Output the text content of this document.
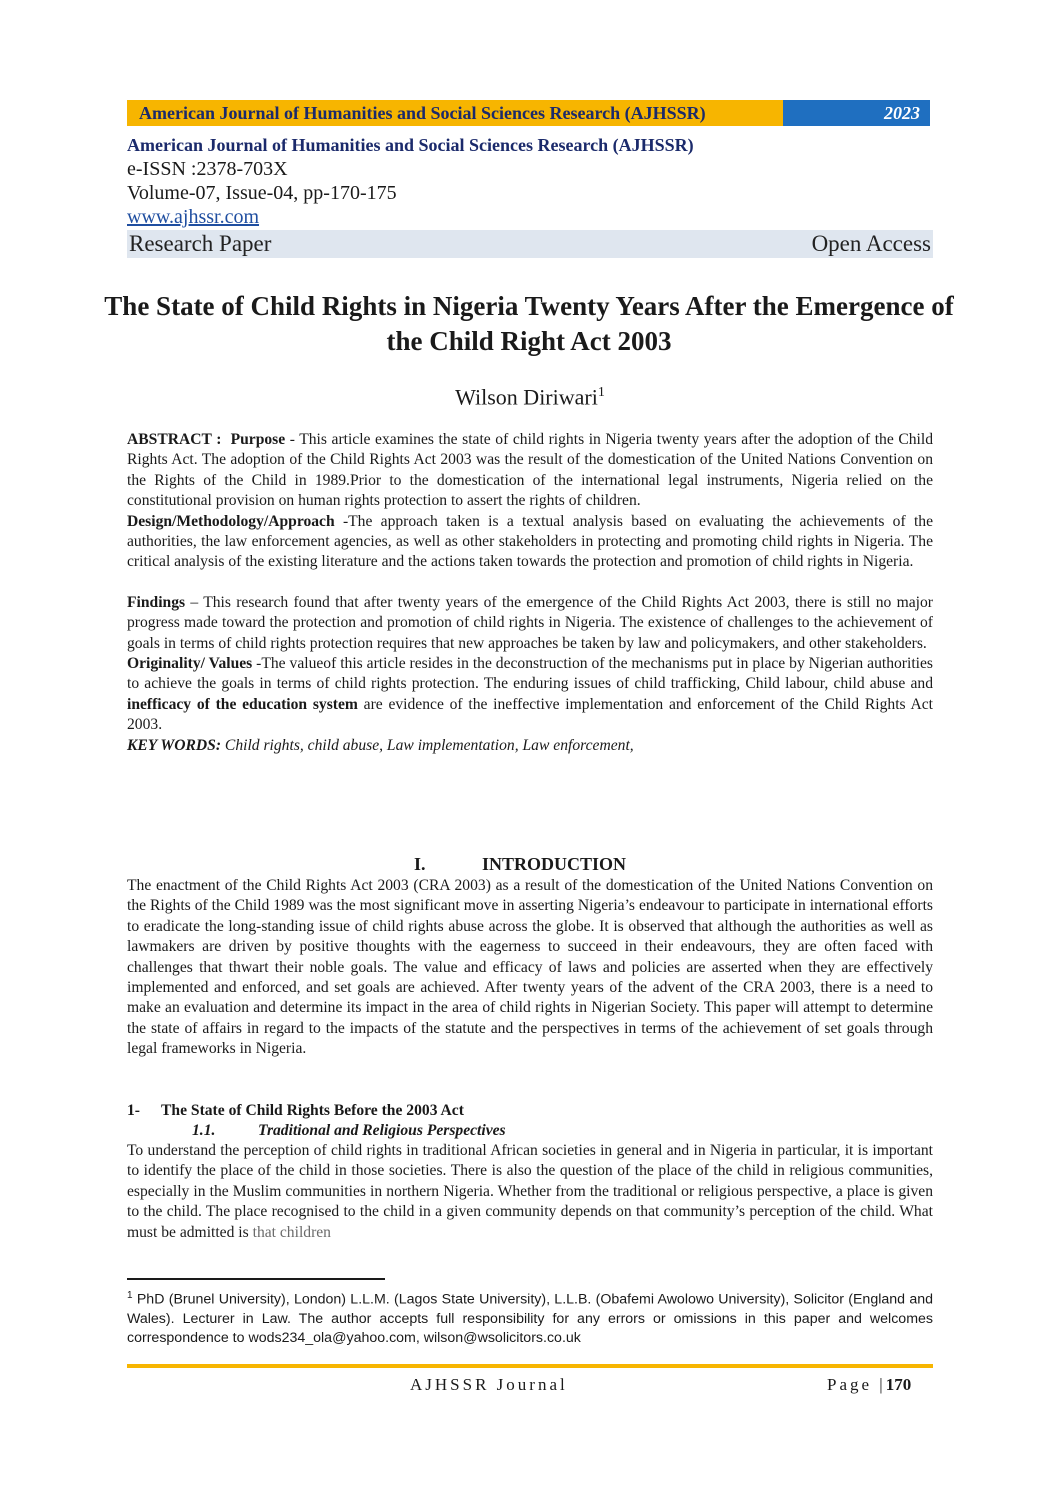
American Journal of Humanities and Social Sciences Research (AJHSSR)	2023
American Journal of Humanities and Social Sciences Research (AJHSSR)
e-ISSN :2378-703X
Volume-07, Issue-04, pp-170-175
www.ajhssr.com
Research Paper	Open Access
The State of Child Rights in Nigeria Twenty Years After the Emergence of the Child Right Act 2003
Wilson Diriwari$^1$

ABSTRACT : Purpose - This article examines the state of child rights in Nigeria twenty years after the adoption of the Child Rights Act. The adoption of the Child Rights Act 2003 was the result of the domestication of the United Nations Convention on the Rights of the Child in 1989.Prior to the domestication of the international legal instruments, Nigeria relied on the constitutional provision on human rights protection to assert the rights of children.

Design/Methodology/Approach -The approach taken is a textual analysis based on evaluating the achievements of the authorities, the law enforcement agencies, as well as other stakeholders in protecting and promoting child rights in Nigeria. The critical analysis of the existing literature and the actions taken towards the protection and promotion of child rights in Nigeria.

Findings – This research found that after twenty years of the emergence of the Child Rights Act 2003, there is still no major progress made toward the protection and promotion of child rights in Nigeria. The existence of challenges to the achievement of goals in terms of child rights protection requires that new approaches be taken by law and policymakers, and other stakeholders.

Originality/ Values -The valueof this article resides in the deconstruction of the mechanisms put in place by Nigerian authorities to achieve the goals in terms of child rights protection. The enduring issues of child trafficking, Child labour, child abuse and inefficacy of the education system are evidence of the ineffective implementation and enforcement of the Child Rights Act 2003.

KEY WORDS: Child rights, child abuse, Law implementation, Law enforcement,

I.	INTRODUCTION

The enactment of the Child Rights Act 2003 (CRA 2003) as a result of the domestication of the United Nations Convention on the Rights of the Child 1989 was the most significant move in asserting Nigeria’s endeavour to participate in international efforts to eradicate the long-standing issue of child rights abuse across the globe. It is observed that although the authorities as well as lawmakers are driven by positive thoughts with the eagerness to succeed in their endeavours, they are often faced with challenges that thwart their noble goals. The value and efficacy of laws and policies are asserted when they are effectively implemented and enforced, and set goals are achieved. After twenty years of the advent of the CRA 2003, there is a need to make an evaluation and determine its impact in the area of child rights in Nigerian Society. This paper will attempt to determine the state of affairs in regard to the impacts of the statute and the perspectives in terms of the achievement of set goals through legal frameworks in Nigeria.

1- The State of Child Rights Before the 2003 Act
1.1.	Traditional and Religious Perspectives

To understand the perception of child rights in traditional African societies in general and in Nigeria in particular, it is important to identify the place of the child in those societies. There is also the question of the place of the child in religious communities, especially in the Muslim communities in northern Nigeria. Whether from the traditional or religious perspective, a place is given to the child. The place recognised to the child in a given community depends on that community’s perception of the child. What must be admitted is that children

$^1$ PhD (Brunel University), London) L.L.M. (Lagos State University), L.L.B. (Obafemi Awolowo University), Solicitor (England and Wales). Lecturer in Law. The author accepts full responsibility for any errors or omissions in this paper and welcomes correspondence to wods234_ola@yahoo.com, wilson@wsolicitors.co.uk
AJHSSR Journal	Page |170
